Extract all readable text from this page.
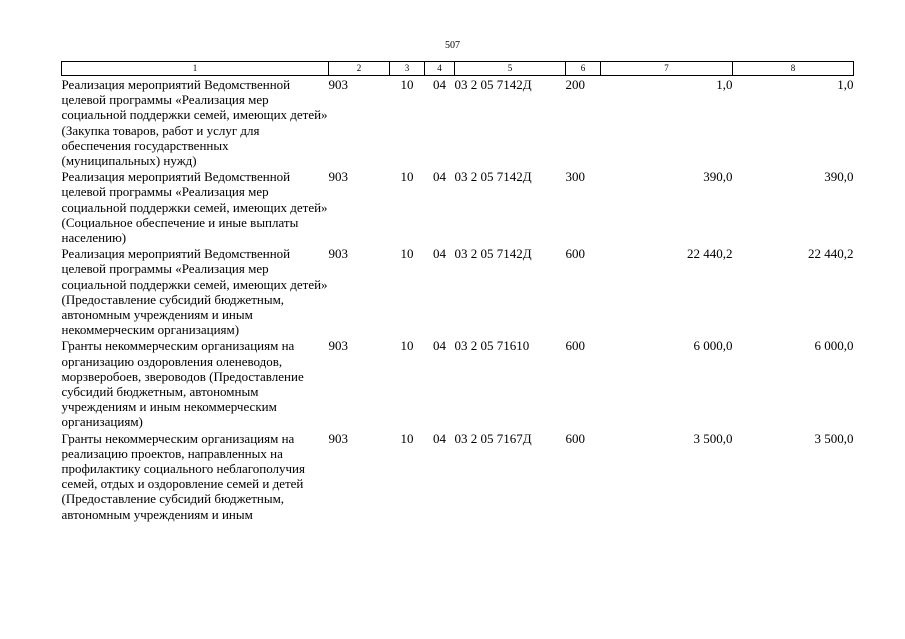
507
1	2	3	4	5	6	7	8
Реализация мероприятий Ведомственной целевой программы «Реализация мер социальной поддержки семей, имеющих детей» (Закупка товаров, работ и услуг для обеспечения государственных (муниципальных) нужд)	903	10	04	03 2 05 7142Д	200	1,0	1,0
Реализация мероприятий Ведомственной целевой программы «Реализация мер социальной поддержки семей, имеющих детей» (Социальное обеспечение и иные выплаты населению)	903	10	04	03 2 05 7142Д	300	390,0	390,0
Реализация мероприятий Ведомственной целевой программы «Реализация мер социальной поддержки семей, имеющих детей» (Предоставление субсидий бюджетным, автономным учреждениям и иным некоммерческим организациям)	903	10	04	03 2 05 7142Д	600	22 440,2	22 440,2
Гранты некоммерческим организациям на организацию оздоровления оленеводов, морзверобоев, звероводов (Предоставление субсидий бюджетным, автономным учреждениям и иным некоммерческим организациям)	903	10	04	03 2 05 71610	600	6 000,0	6 000,0
Гранты некоммерческим организациям на реализацию проектов, направленных на профилактику социального неблагополучия семей, отдых и оздоровление семей и детей (Предоставление субсидий бюджетным, автономным учреждениям и иным	903	10	04	03 2 05 7167Д	600	3 500,0	3 500,0
